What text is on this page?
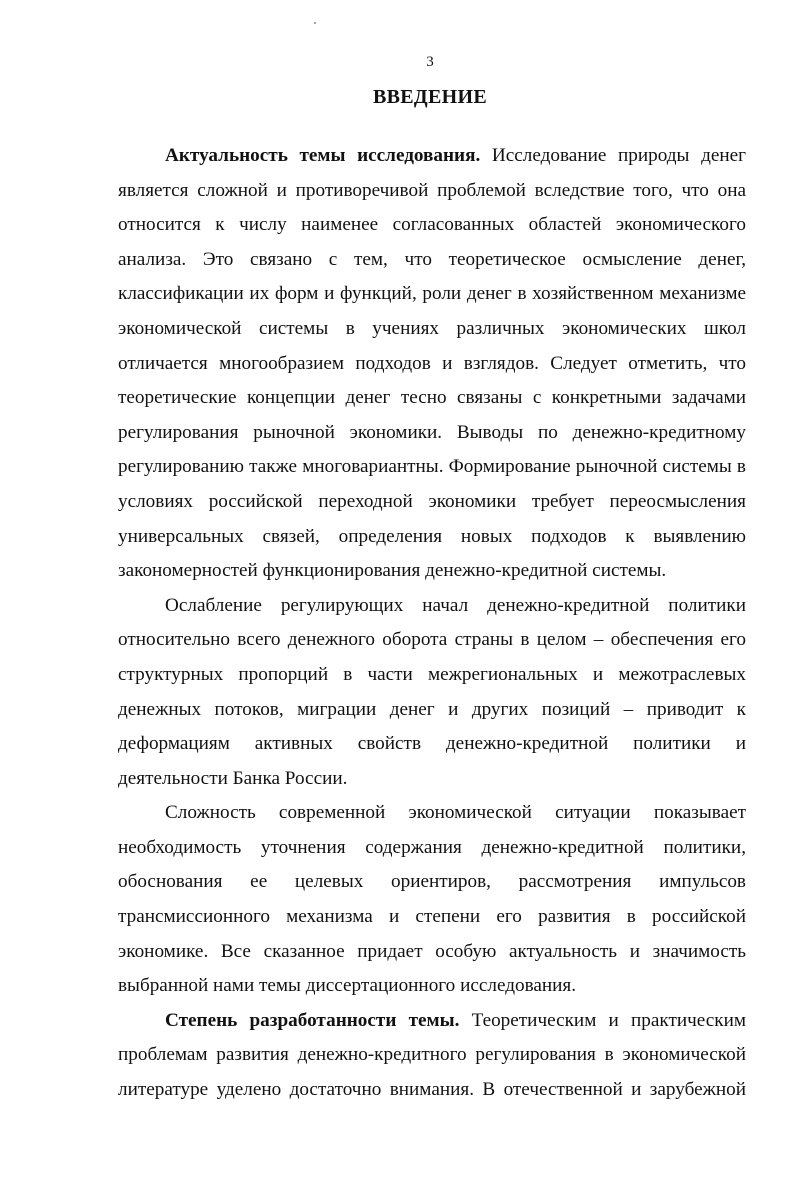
3
ВВЕДЕНИЕ
Актуальность темы исследования. Исследование природы денег
является сложной и противоречивой проблемой вследствие того, что она
относится к числу наименее согласованных областей экономического
анализа. Это связано с тем, что теоретическое осмысление денег,
классификации их форм и функций, роли денег в хозяйственном механизме
экономической системы в учениях различных экономических школ
отличается многообразием подходов и взглядов. Следует отметить, что
теоретические концепции денег тесно связаны с конкретными задачами
регулирования рыночной экономики. Выводы по денежно-кредитному
регулированию также многовариантны. Формирование рыночной системы в
условиях российской переходной экономики требует переосмысления
универсальных связей, определения новых подходов к выявлению
закономерностей функционирования денежно-кредитной системы.
Ослабление регулирующих начал денежно-кредитной политики
относительно всего денежного оборота страны в целом – обеспечения его
структурных пропорций в части межрегиональных и межотраслевых
денежных потоков, миграции денег и других позиций – приводит к
деформациям активных свойств денежно-кредитной политики и
деятельности Банка России.
Сложность современной экономической ситуации показывает
необходимость уточнения содержания денежно-кредитной политики,
обоснования ее целевых ориентиров, рассмотрения импульсов
трансмиссионного механизма и степени его развития в российской
экономике. Все сказанное придает особую актуальность и значимость
выбранной нами темы диссертационного исследования.
Степень разработанности темы. Теоретическим и практическим
проблемам развития денежно-кредитного регулирования в экономической
литературе уделено достаточно внимания. В отечественной и зарубежной
